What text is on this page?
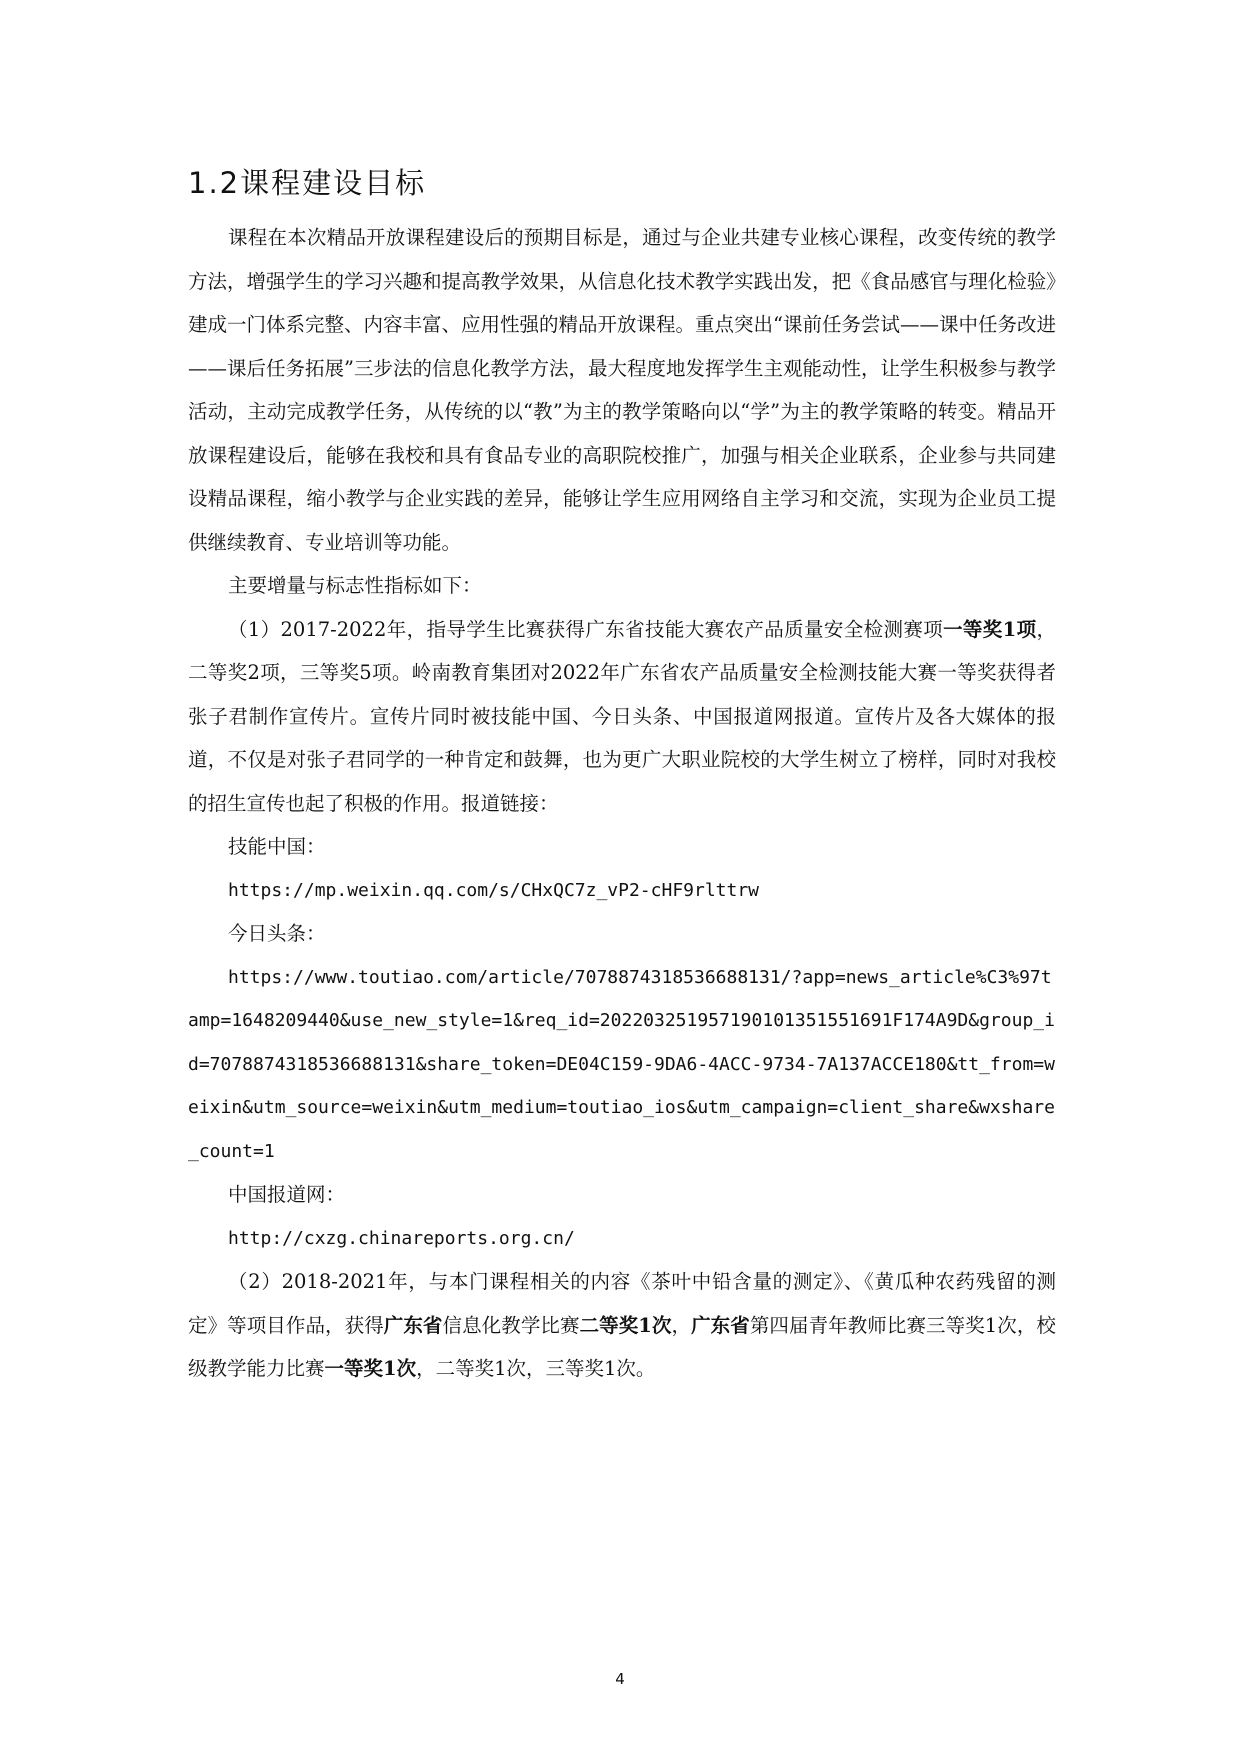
1.2课程建设目标

课程在本次精品开放课程建设后的预期目标是，通过与企业共建专业核心课程，改变传统的教学方法，增强学生的学习兴趣和提高教学效果，从信息化技术教学实践出发，把《食品感官与理化检验》建成一门体系完整、内容丰富、应用性强的精品开放课程。重点突出“课前任务尝试——课中任务改进——课后任务拓展”三步法的信息化教学方法，最大程度地发挥学生主观能动性，让学生积极参与教学活动，主动完成教学任务，从传统的以“教”为主的教学策略向以“学”为主的教学策略的转变。精品开放课程建设后，能够在我校和具有食品专业的高职院校推广，加强与相关企业联系，企业参与共同建设精品课程，缩小教学与企业实践的差异，能够让学生应用网络自主学习和交流，实现为企业员工提供继续教育、专业培训等功能。

主要增量与标志性指标如下：

（1）2017-2022年，指导学生比赛获得广东省技能大赛农产品质量安全检测赛项一等奖1项，二等奖2项，三等奖5项。岭南教育集团对2022年广东省农产品质量安全检测技能大赛一等奖获得者张子君制作宣传片。宣传片同时被技能中国、今日头条、中国报道网报道。宣传片及各大媒体的报道，不仅是对张子君同学的一种肯定和鼓舞，也为更广大职业院校的大学生树立了榜样，同时对我校的招生宣传也起了积极的作用。报道链接：

技能中国：

https://mp.weixin.qq.com/s/CHxQC7z_vP2-cHF9rlttrw

今日头条：

https://www.toutiao.com/article/7078874318536688131/?app=news_article%C3%97tamp=1648209440&use_new_style=1&req_id=202203251957190101351551691F174A9D&group_id=7078874318536688131&share_token=DE04C159-9DA6-4ACC-9734-7A137ACCE180&tt_from=weixin&utm_source=weixin&utm_medium=toutiao_ios&utm_campaign=client_share&wxshare_count=1

中国报道网：

http://cxzg.chinareports.org.cn/

（2）2018-2021年，与本门课程相关的内容《茶叶中铅含量的测定》、《黄瓜种农药残留的测定》等项目作品，获得广东省信息化教学比赛二等奖1次，广东省第四届青年教师比赛三等奖1次，校级教学能力比赛一等奖1次，二等奖1次，三等奖1次。

4
